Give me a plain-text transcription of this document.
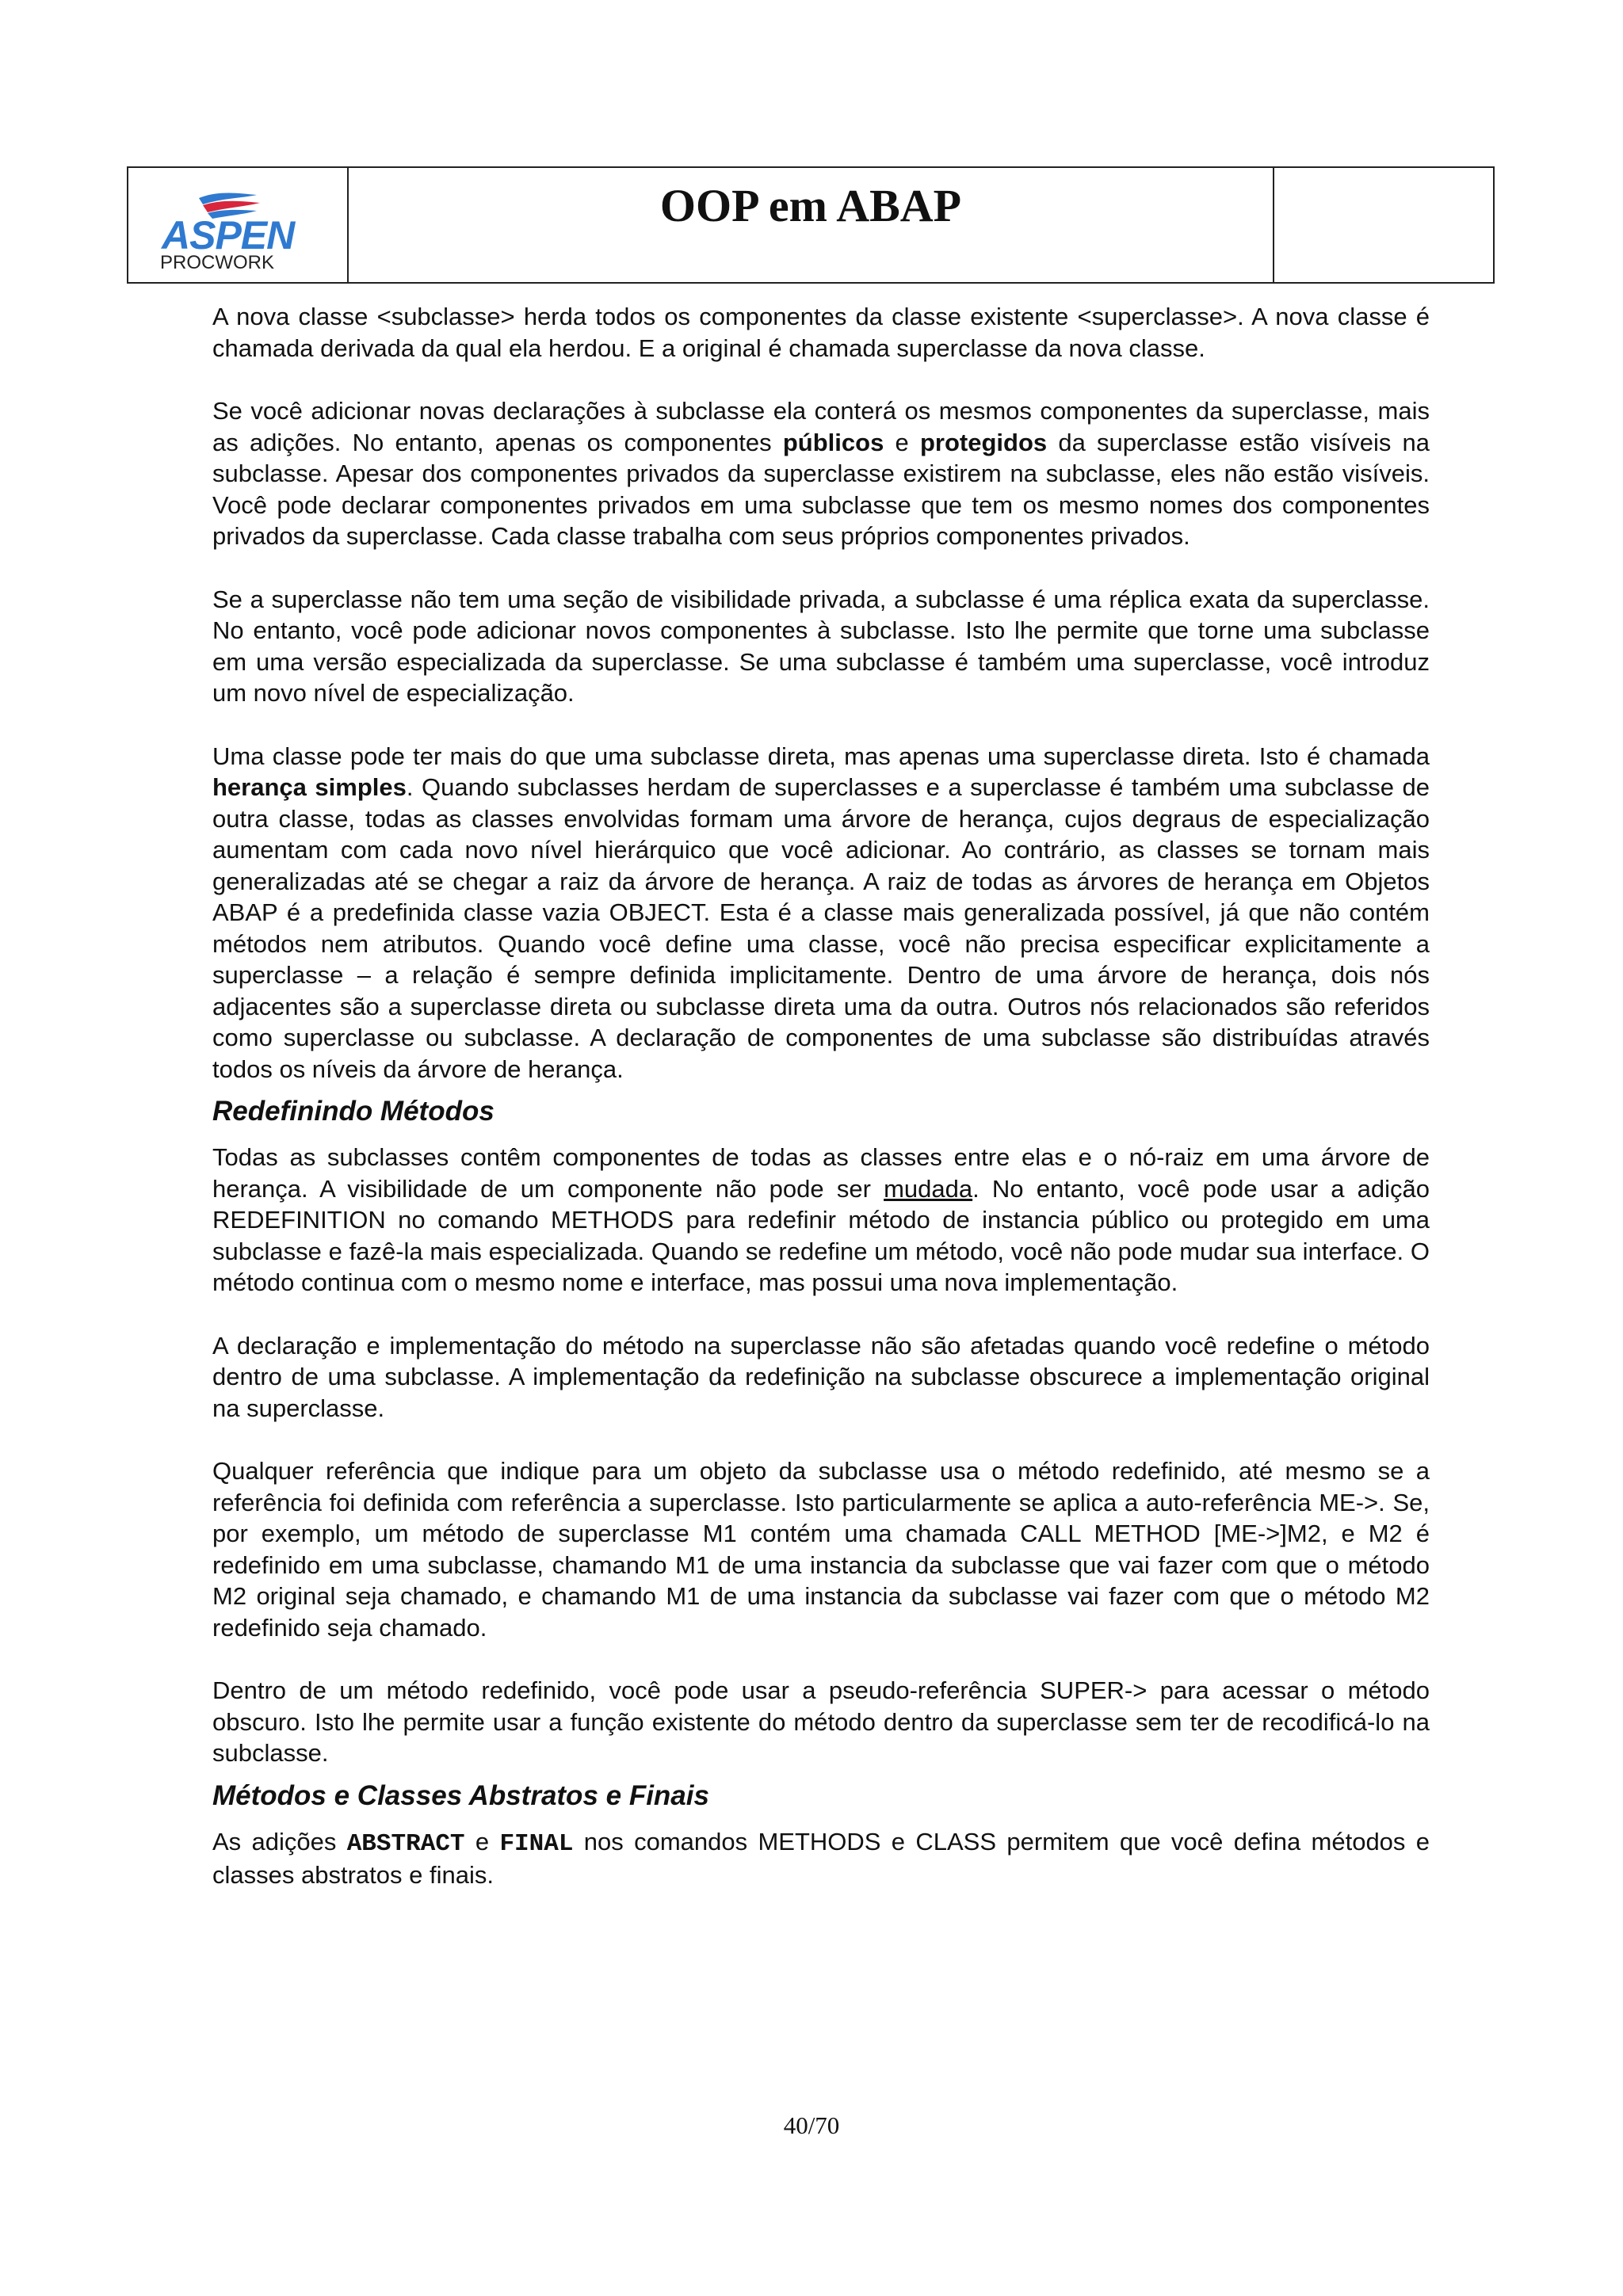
ASPEN
PROCWORK
OOP em ABAP

A nova classe <subclasse> herda todos os componentes da classe existente <superclasse>. A nova classe é chamada derivada da qual ela herdou. E a original é chamada superclasse da nova classe.

Se você adicionar novas declarações à subclasse ela conterá os mesmos componentes da superclasse, mais as adições. No entanto, apenas os componentes públicos e protegidos da superclasse estão visíveis na subclasse. Apesar dos componentes privados da superclasse existirem na subclasse, eles não estão visíveis. Você pode declarar componentes privados em uma subclasse que tem os mesmo nomes dos componentes privados da superclasse. Cada classe trabalha com seus próprios componentes privados.

Se a superclasse não tem uma seção de visibilidade privada, a subclasse é uma réplica exata da superclasse. No entanto, você pode adicionar novos componentes à subclasse. Isto lhe permite que torne uma subclasse em uma versão especializada da superclasse. Se uma subclasse é também uma superclasse, você introduz um novo nível de especialização.

Uma classe pode ter mais do que uma subclasse direta, mas apenas uma superclasse direta. Isto é chamada herança simples. Quando subclasses herdam de superclasses e a superclasse é também uma subclasse de outra classe, todas as classes envolvidas formam uma árvore de herança, cujos degraus de especialização aumentam com cada novo nível hierárquico que você adicionar. Ao contrário, as classes se tornam mais generalizadas até se chegar a raiz da árvore de herança. A raiz de todas as árvores de herança em Objetos ABAP é a predefinida classe vazia OBJECT. Esta é a classe mais generalizada possível, já que não contém métodos nem atributos. Quando você define uma classe, você não precisa especificar explicitamente a superclasse – a relação é sempre definida implicitamente. Dentro de uma árvore de herança, dois nós adjacentes são a superclasse direta ou subclasse direta uma da outra. Outros nós relacionados são referidos como superclasse ou subclasse. A declaração de componentes de uma subclasse são distribuídas através todos os níveis da árvore de herança.

Redefinindo Métodos

Todas as subclasses contêm componentes de todas as classes entre elas e o nó-raiz em uma árvore de herança. A visibilidade de um componente não pode ser mudada. No entanto, você pode usar a adição REDEFINITION no comando METHODS para redefinir método de instancia público ou protegido em uma subclasse e fazê-la mais especializada. Quando se redefine um método, você não pode mudar sua interface. O método continua com o mesmo nome e interface, mas possui uma nova implementação.

A declaração e implementação do método na superclasse não são afetadas quando você redefine o método dentro de uma subclasse. A implementação da redefinição na subclasse obscurece a implementação original na superclasse.

Qualquer referência que indique para um objeto da subclasse usa o método redefinido, até mesmo se a referência foi definida com referência a superclasse. Isto particularmente se aplica a auto-referência ME->. Se, por exemplo, um método de superclasse M1 contém uma chamada CALL METHOD [ME->]M2, e M2 é redefinido em uma subclasse, chamando M1 de uma instancia da subclasse que vai fazer com que o método M2 original seja chamado, e chamando M1 de uma instancia da subclasse vai fazer com que o método M2 redefinido seja chamado.

Dentro de um método redefinido, você pode usar a pseudo-referência SUPER-> para acessar o método obscuro. Isto lhe permite usar a função existente do método dentro da superclasse sem ter de recodificá-lo na subclasse.

Métodos e Classes Abstratos e Finais

As adições ABSTRACT e FINAL nos comandos METHODS e CLASS permitem que você defina métodos e classes abstratos e finais.

40/70
